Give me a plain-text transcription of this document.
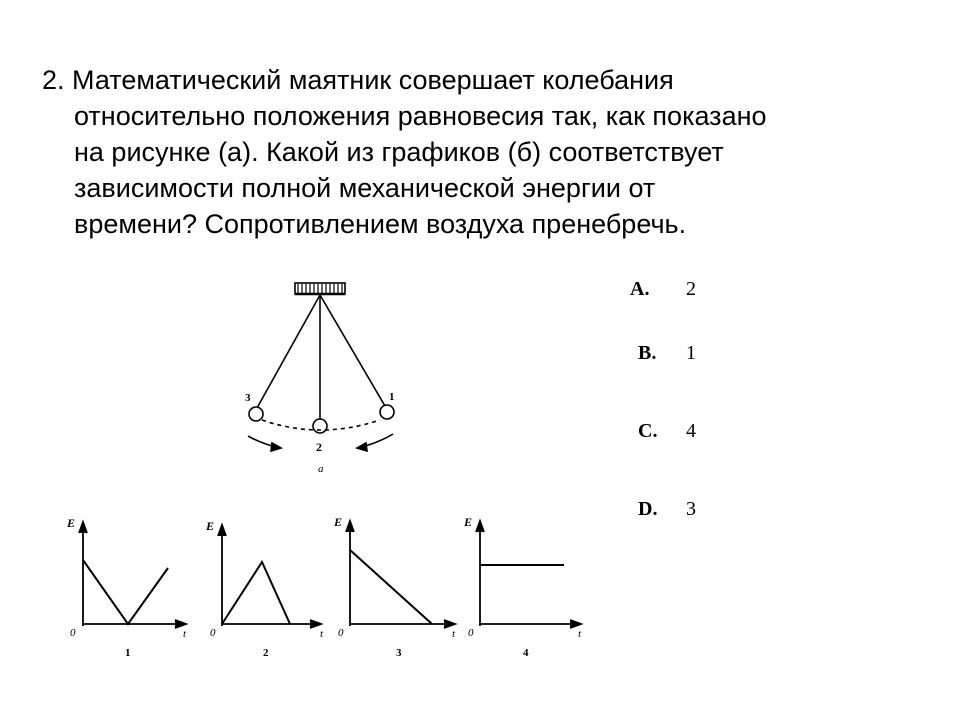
2. Математический маятник совершает колебания
относительно положения равновесия так, как показано
на рисунке (а). Какой из графиков (б) соответствует
зависимости полной механической энергии от
времени? Сопротивлением воздуха пренебречь.
3	1
2
а
E
0	t
1
E
0	t
2
E
0	t
3
E
0	t
4
A. 2
B. 1
C. 4
D. 3
